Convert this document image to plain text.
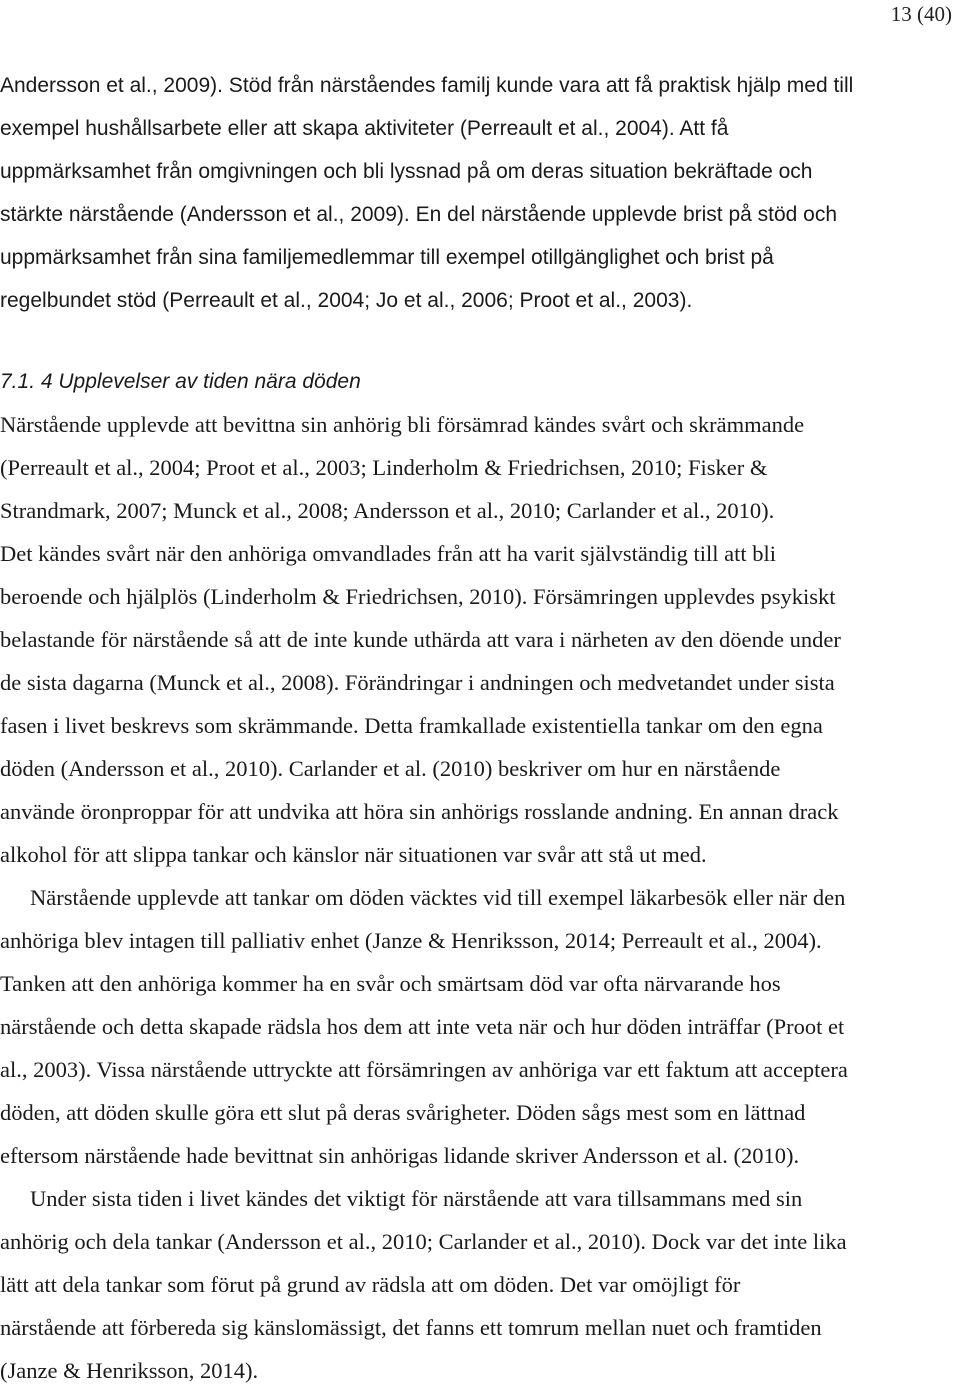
13 (40)
Andersson et al., 2009). Stöd från närståendes familj kunde vara att få praktisk hjälp med till
exempel hushållsarbete eller att skapa aktiviteter (Perreault et al., 2004). Att få
uppmärksamhet från omgivningen och bli lyssnad på om deras situation bekräftade och
stärkte närstående (Andersson et al., 2009). En del närstående upplevde brist på stöd och
uppmärksamhet från sina familjemedlemmar till exempel otillgänglighet och brist på
regelbundet stöd (Perreault et al., 2004; Jo et al., 2006; Proot et al., 2003).
7.1. 4 Upplevelser av tiden nära döden
Närstående upplevde att bevittna sin anhörig bli försämrad kändes svårt och skrämmande
(Perreault et al., 2004; Proot et al., 2003; Linderholm & Friedrichsen, 2010; Fisker &
Strandmark, 2007; Munck et al., 2008; Andersson et al., 2010; Carlander et al., 2010).
Det kändes svårt när den anhöriga omvandlades från att ha varit självständig till att bli
beroende och hjälplös (Linderholm & Friedrichsen, 2010). Försämringen upplevdes psykiskt
belastande för närstående så att de inte kunde uthärda att vara i närheten av den döende under
de sista dagarna (Munck et al., 2008). Förändringar i andningen och medvetandet under sista
fasen i livet beskrevs som skrämmande. Detta framkallade existentiella tankar om den egna
döden (Andersson et al., 2010). Carlander et al. (2010) beskriver om hur en närstående
använde öronproppar för att undvika att höra sin anhörigs rosslande andning. En annan drack
alkohol för att slippa tankar och känslor när situationen var svår att stå ut med.
Närstående upplevde att tankar om döden väcktes vid till exempel läkarbesök eller när den
anhöriga blev intagen till palliativ enhet (Janze & Henriksson, 2014; Perreault et al., 2004).
Tanken att den anhöriga kommer ha en svår och smärtsam död var ofta närvarande hos
närstående och detta skapade rädsla hos dem att inte veta när och hur döden inträffar (Proot et
al., 2003). Vissa närstående uttryckte att försämringen av anhöriga var ett faktum att acceptera
döden, att döden skulle göra ett slut på deras svårigheter. Döden sågs mest som en lättnad
eftersom närstående hade bevittnat sin anhörigas lidande skriver Andersson et al. (2010).
Under sista tiden i livet kändes det viktigt för närstående att vara tillsammans med sin
anhörig och dela tankar (Andersson et al., 2010; Carlander et al., 2010). Dock var det inte lika
lätt att dela tankar som förut på grund av rädsla att om döden. Det var omöjligt för
närstående att förbereda sig känslomässigt, det fanns ett tomrum mellan nuet och framtiden
(Janze & Henriksson, 2014).
